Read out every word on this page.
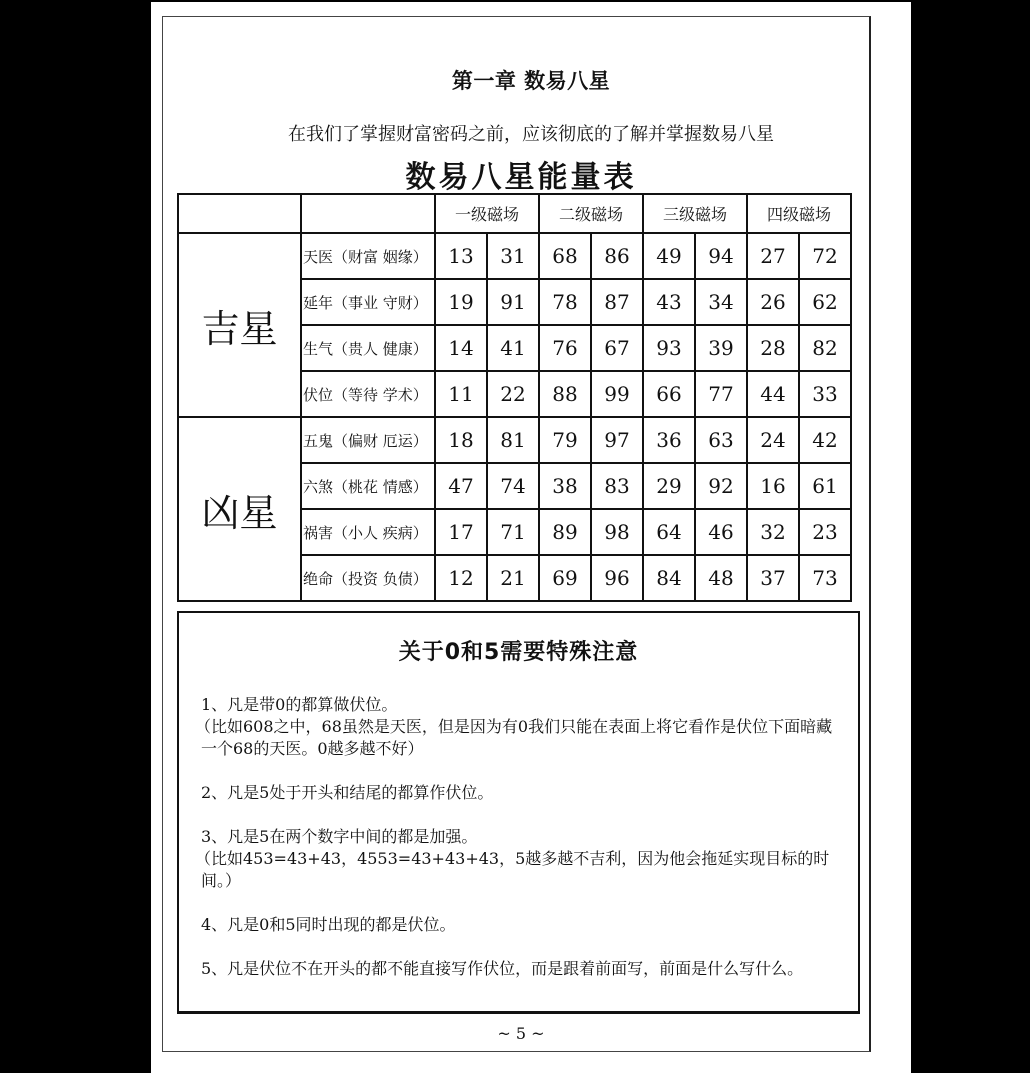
第一章 数易八星
在我们了掌握财富密码之前，应该彻底的了解并掌握数易八星
数易八星能量表
		一级磁场		二级磁场		三级磁场		四级磁场	
吉星	天医（财富 姻缘）	13	31	68	86	49	94	27	72
	延年（事业 守财）	19	91	78	87	43	34	26	62
	生气（贵人 健康）	14	41	76	67	93	39	28	82
	伏位（等待 学术）	11	22	88	99	66	77	44	33
凶星	五鬼（偏财 厄运）	18	81	79	97	36	63	24	42
	六煞（桃花 情感）	47	74	38	83	29	92	16	61
	祸害（小人 疾病）	17	71	89	98	64	46	32	23
	绝命（投资 负债）	12	21	69	96	84	48	37	73
关于0和5需要特殊注意
1、凡是带0的都算做伏位。
（比如608之中，68虽然是天医，但是因为有0我们只能在表面上将它看作是伏位下面暗藏一个68的天医。0越多越不好）
2、凡是5处于开头和结尾的都算作伏位。
3、凡是5在两个数字中间的都是加强。
（比如453=43+43，4553=43+43+43，5越多越不吉利，因为他会拖延实现目标的时间。）
4、凡是0和5同时出现的都是伏位。
5、凡是伏位不在开头的都不能直接写作伏位，而是跟着前面写，前面是什么写什么。
~ 5 ~
